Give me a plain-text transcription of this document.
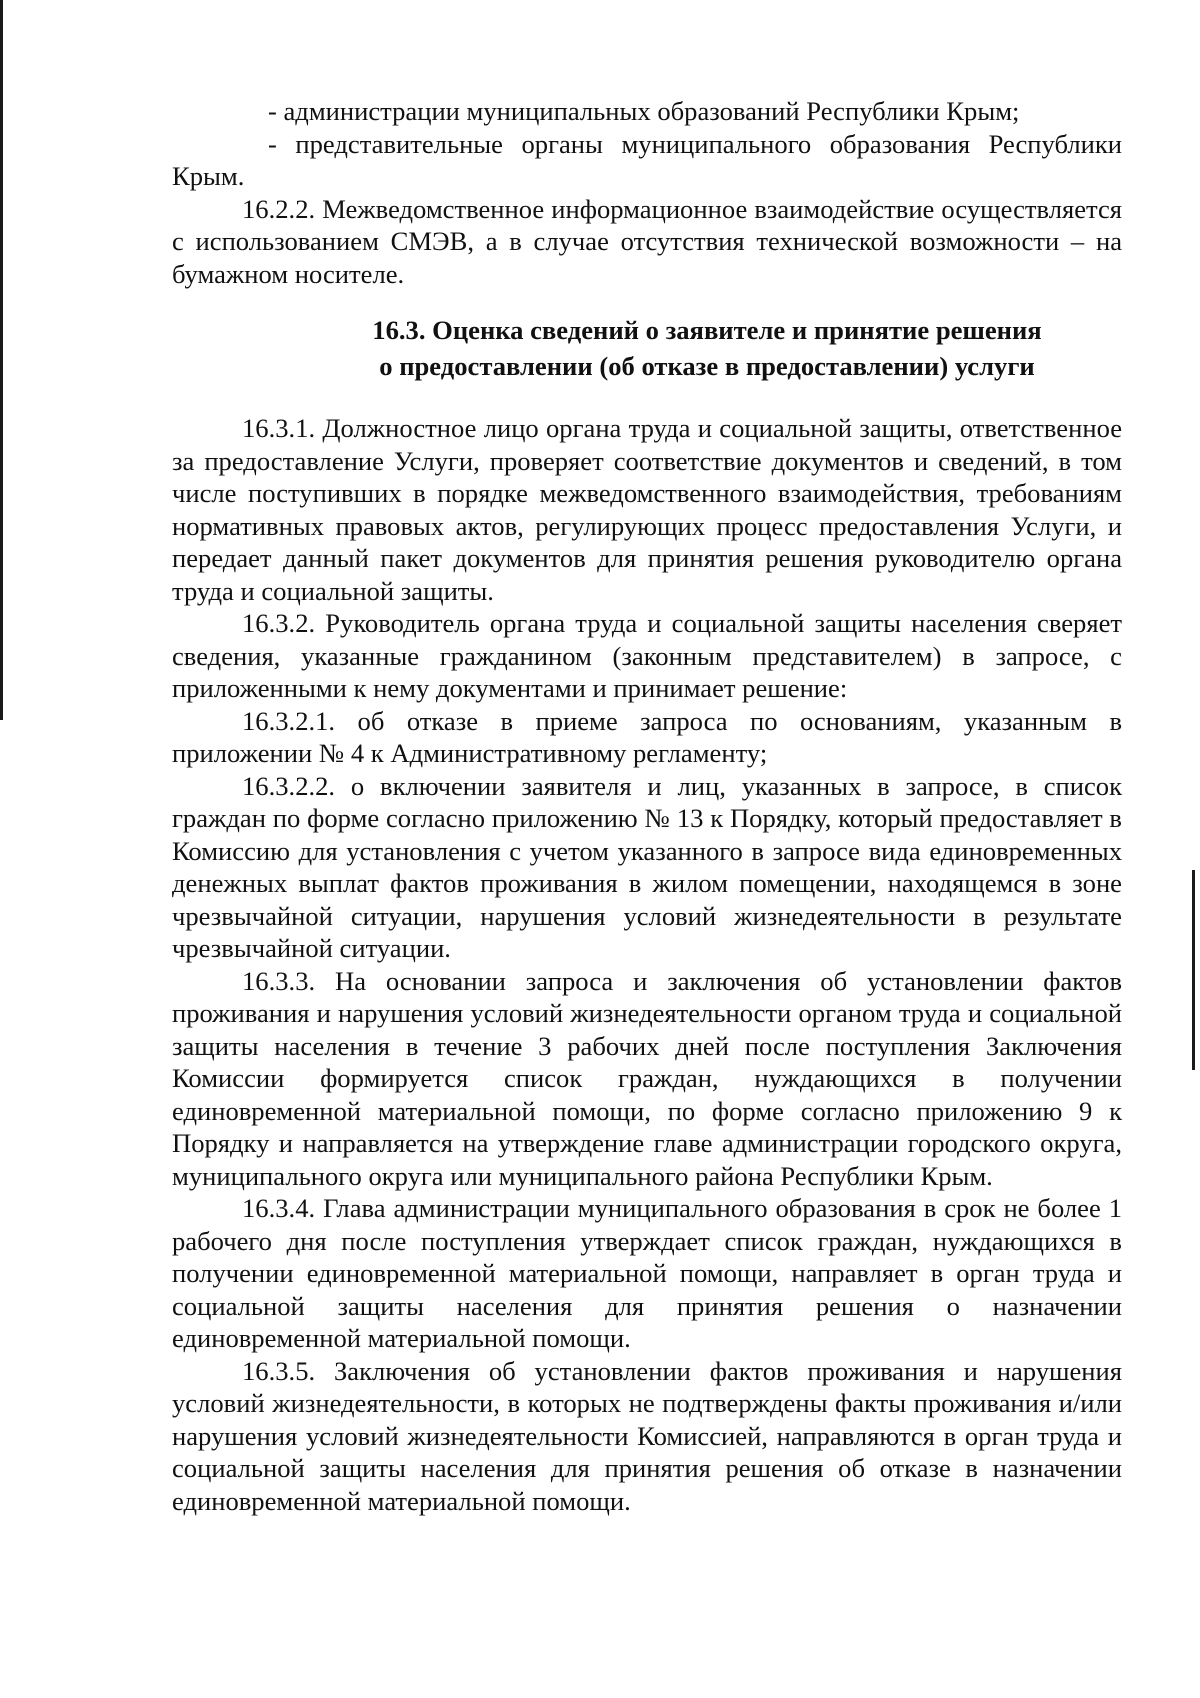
- администрации муниципальных образований Республики Крым;

- представительные органы муниципального образования Республики Крым.

16.2.2. Межведомственное информационное взаимодействие осуществляется с использованием СМЭВ, а в случае отсутствия технической возможности – на бумажном носителе.

16.3. Оценка сведений о заявителе и принятие решения
о предоставлении (об отказе в предоставлении) услуги

16.3.1. Должностное лицо органа труда и социальной защиты, ответственное за предоставление Услуги, проверяет соответствие документов и сведений, в том числе поступивших в порядке межведомственного взаимодействия, требованиям нормативных правовых актов, регулирующих процесс предоставления Услуги, и передает данный пакет документов для принятия решения руководителю органа труда и социальной защиты.

16.3.2. Руководитель органа труда и социальной защиты населения сверяет сведения, указанные гражданином (законным представителем) в запросе, с приложенными к нему документами и принимает решение:

16.3.2.1. об отказе в приеме запроса по основаниям, указанным в приложении № 4 к Административному регламенту;

16.3.2.2. о включении заявителя и лиц, указанных в запросе, в список граждан по форме согласно приложению № 13 к Порядку, который предоставляет в Комиссию для установления с учетом указанного в запросе вида единовременных денежных выплат фактов проживания в жилом помещении, находящемся в зоне чрезвычайной ситуации, нарушения условий жизнедеятельности в результате чрезвычайной ситуации.

16.3.3. На основании запроса и заключения об установлении фактов проживания и нарушения условий жизнедеятельности органом труда и социальной защиты населения в течение 3 рабочих дней после поступления Заключения Комиссии формируется список граждан, нуждающихся в получении единовременной материальной помощи, по форме согласно приложению 9 к Порядку и направляется на утверждение главе администрации городского округа, муниципального округа или муниципального района Республики Крым.

16.3.4. Глава администрации муниципального образования в срок не более 1 рабочего дня после поступления утверждает список граждан, нуждающихся в получении единовременной материальной помощи, направляет в орган труда и социальной защиты населения для принятия решения о назначении единовременной материальной помощи.

16.3.5. Заключения об установлении фактов проживания и нарушения условий жизнедеятельности, в которых не подтверждены факты проживания и/или нарушения условий жизнедеятельности Комиссией, направляются в орган труда и социальной защиты населения для принятия решения об отказе в назначении единовременной материальной помощи.
